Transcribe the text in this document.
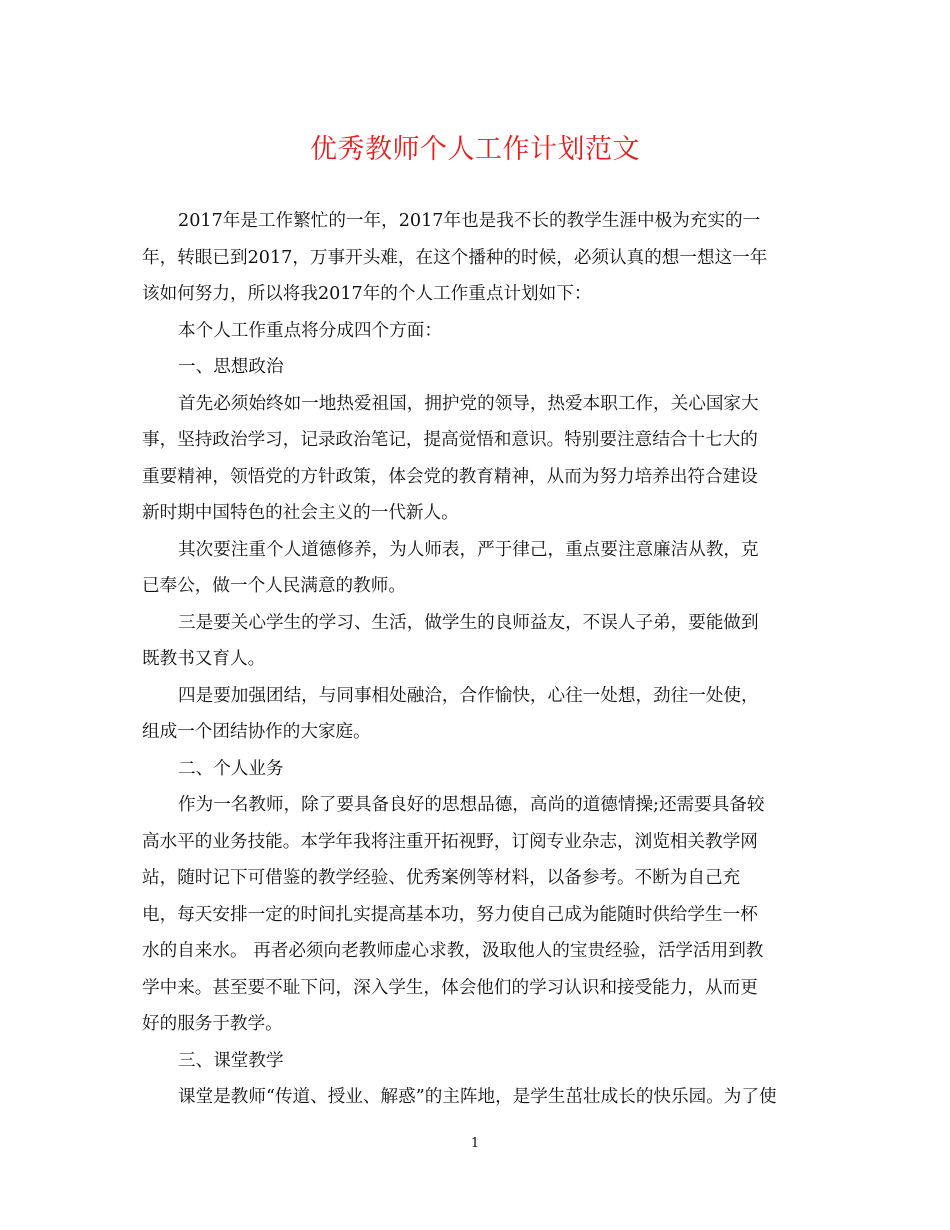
优秀教师个人工作计划范文
2017年是工作繁忙的一年，2017年也是我不长的教学生涯中极为充实的一
年，转眼已到2017，万事开头难，在这个播种的时候，必须认真的想一想这一年
该如何努力，所以将我2017年的个人工作重点计划如下：
本个人工作重点将分成四个方面：
一、思想政治
首先必须始终如一地热爱祖国，拥护党的领导，热爱本职工作，关心国家大
事，坚持政治学习，记录政治笔记，提高觉悟和意识。特别要注意结合十七大的
重要精神，领悟党的方针政策，体会党的教育精神，从而为努力培养出符合建设
新时期中国特色的社会主义的一代新人。
其次要注重个人道德修养，为人师表，严于律己，重点要注意廉洁从教，克
已奉公，做一个人民满意的教师。
三是要关心学生的学习、生活，做学生的良师益友，不误人子弟，要能做到
既教书又育人。
四是要加强团结，与同事相处融洽，合作愉快，心往一处想，劲往一处使，
组成一个团结协作的大家庭。
二、个人业务
作为一名教师，除了要具备良好的思想品德，高尚的道德情操;还需要具备较
高水平的业务技能。本学年我将注重开拓视野，订阅专业杂志，浏览相关教学网
站，随时记下可借鉴的教学经验、优秀案例等材料，以备参考。不断为自己充
电，每天安排一定的时间扎实提高基本功，努力使自己成为能随时供给学生一杯
水的自来水。 再者必须向老教师虚心求教，汲取他人的宝贵经验，活学活用到教
学中来。甚至要不耻下问，深入学生，体会他们的学习认识和接受能力，从而更
好的服务于教学。
三、课堂教学
课堂是教师“传道、授业、解惑”的主阵地，是学生茁壮成长的快乐园。为了使
1
